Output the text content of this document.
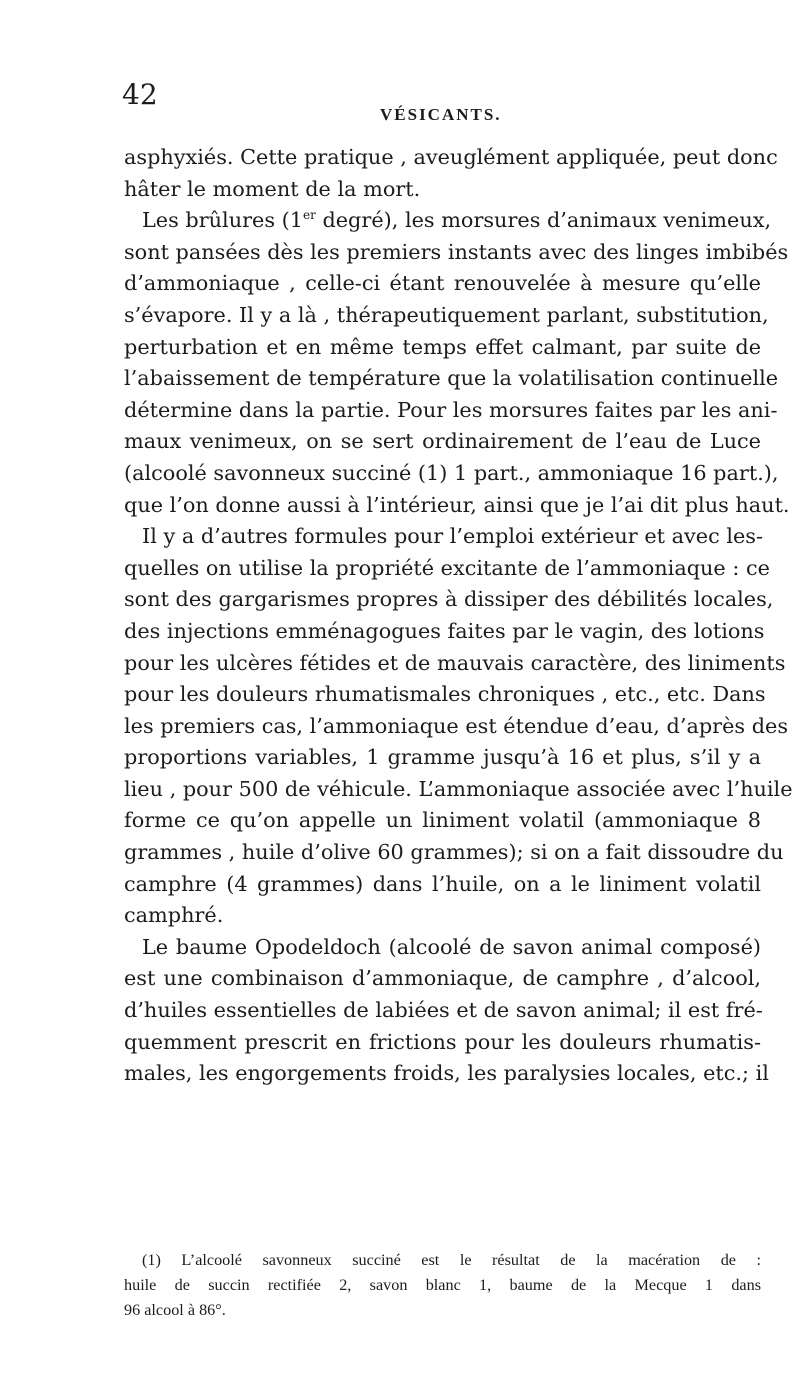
42
VÉSICANTS.
asphyxiés. Cette pratique , aveuglément appliquée, peut donc
hâter le moment de la mort.
Les brûlures (1er degré), les morsures d’animaux venimeux,
sont pansées dès les premiers instants avec des linges imbibés
d’ammoniaque , celle-ci étant renouvelée à mesure qu’elle
s’évapore. Il y a là , thérapeutiquement parlant, substitution,
perturbation et en même temps effet calmant, par suite de
l’abaissement de température que la volatilisation continuelle
détermine dans la partie. Pour les morsures faites par les ani-
maux venimeux, on se sert ordinairement de l’eau de Luce
(alcoolé savonneux succiné (1) 1 part., ammoniaque 16 part.),
que l’on donne aussi à l’intérieur, ainsi que je l’ai dit plus haut.
Il y a d’autres formules pour l’emploi extérieur et avec les-
quelles on utilise la propriété excitante de l’ammoniaque : ce
sont des gargarismes propres à dissiper des débilités locales,
des injections emménagogues faites par le vagin, des lotions
pour les ulcères fétides et de mauvais caractère, des liniments
pour les douleurs rhumatismales chroniques , etc., etc. Dans
les premiers cas, l’ammoniaque est étendue d’eau, d’après des
proportions variables, 1 gramme jusqu’à 16 et plus, s’il y a
lieu , pour 500 de véhicule. L’ammoniaque associée avec l’huile
forme ce qu’on appelle un liniment volatil (ammoniaque 8
grammes , huile d’olive 60 grammes); si on a fait dissoudre du
camphre (4 grammes) dans l’huile, on a le liniment volatil
camphré.
Le baume Opodeldoch (alcoolé de savon animal composé)
est une combinaison d’ammoniaque, de camphre , d’alcool,
d’huiles essentielles de labiées et de savon animal; il est fré-
quemment prescrit en frictions pour les douleurs rhumatis-
males, les engorgements froids, les paralysies locales, etc.; il
(1) L’alcoolé savonneux succiné est le résultat de la macération de :
huile de succin rectifiée 2, savon blanc 1, baume de la Mecque 1 dans
96 alcool à 86°.
